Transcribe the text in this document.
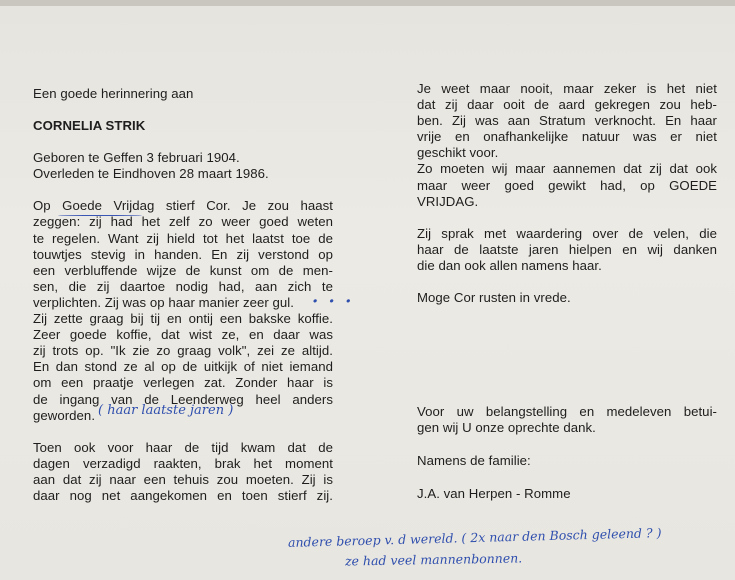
Een goede herinnering aan

CORNELIA STRIK

Geboren te Geffen 3 februari 1904.

Overleden te Eindhoven 28 maart 1986.

Op Goede Vrijdag stierf Cor. Je zou haast
zeggen: zij had het zelf zo weer goed weten
te regelen. Want zij hield tot het laatst toe de
touwtjes stevig in handen. En zij verstond op
een verbluffende wijze de kunst om de men-
sen, die zij daartoe nodig had, aan zich te
verplichten. Zij was op haar manier zeer gul.
Zij zette graag bij tij en ontij een bakske koffie.
Zeer goede koffie, dat wist ze, en daar was
zij trots op. "Ik zie zo graag volk", zei ze altijd.
En dan stond ze al op de uitkijk of niet iemand
om een praatje verlegen zat. Zonder haar is
de ingang van de Leenderweg heel anders
geworden.
Toen ook voor haar de tijd kwam dat de
dagen verzadigd raakten, brak het moment
aan dat zij naar een tehuis zou moeten. Zij is
daar nog net aangekomen en toen stierf zij.
Je weet maar nooit, maar zeker is het niet
dat zij daar ooit de aard gekregen zou heb-
ben. Zij was aan Stratum verknocht. En haar
vrije en onafhankelijke natuur was er niet
geschikt voor.
Zo moeten wij maar aannemen dat zij dat ook
maar weer goed gewikt had, op GOEDE
VRIJDAG.
Zij sprak met waardering over de velen, die
haar de laatste jaren hielpen en wij danken
die dan ook allen namens haar.

Moge Cor rusten in vrede.

Voor uw belangstelling en medeleven betui-
gen wij U onze oprechte dank.

Namens de familie:

J.A. van Herpen - Romme

· · ·
( haar laatste jaren )
andere beroep v. d wereld. ( 2x naar den Bosch geleend ? )
ze had veel mannenbonnen.
